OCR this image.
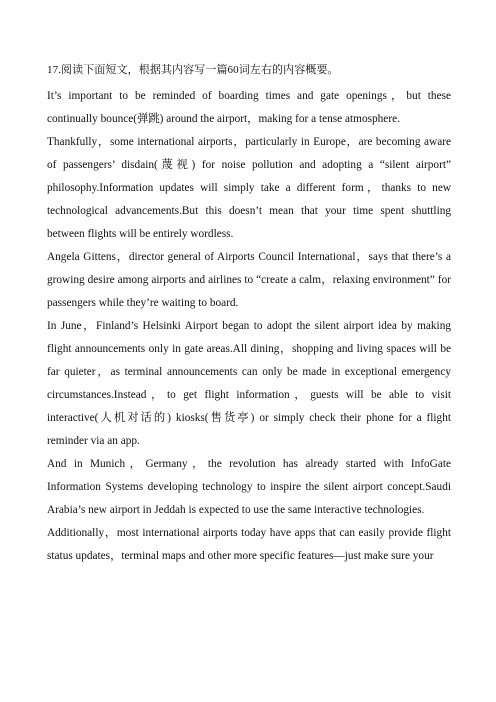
17.阅读下面短文，根据其内容写一篇60词左右的内容概要。

It’s important to be reminded of boarding times and gate openings，but these continually bounce(弹跳) around the airport，making for a tense atmosphere.

Thankfully，some international airports，particularly in Europe，are becoming aware of passengers’ disdain(蔑视) for noise pollution and adopting a “silent airport” philosophy.Information updates will simply take a different form，thanks to new technological advancements.But this doesn’t mean that your time spent shuttling between flights will be entirely wordless.

Angela Gittens，director general of Airports Council International，says that there’s a growing desire among airports and airlines to “create a calm，relaxing environment” for passengers while they’re waiting to board.

In June，Finland’s Helsinki Airport began to adopt the silent airport idea by making flight announcements only in gate areas.All dining，shopping and living spaces will be far quieter，as terminal announcements can only be made in exceptional emergency circumstances.Instead，to get flight information，guests will be able to visit interactive(人机对话的) kiosks(售货亭) or simply check their phone for a flight reminder via an app.

And in Munich，Germany，the revolution has already started with InfoGate Information Systems developing technology to inspire the silent airport concept.Saudi Arabia’s new airport in Jeddah is expected to use the same interactive technologies.

Additionally，most international airports today have apps that can easily provide flight status updates，terminal maps and other more specific features—just make sure your
